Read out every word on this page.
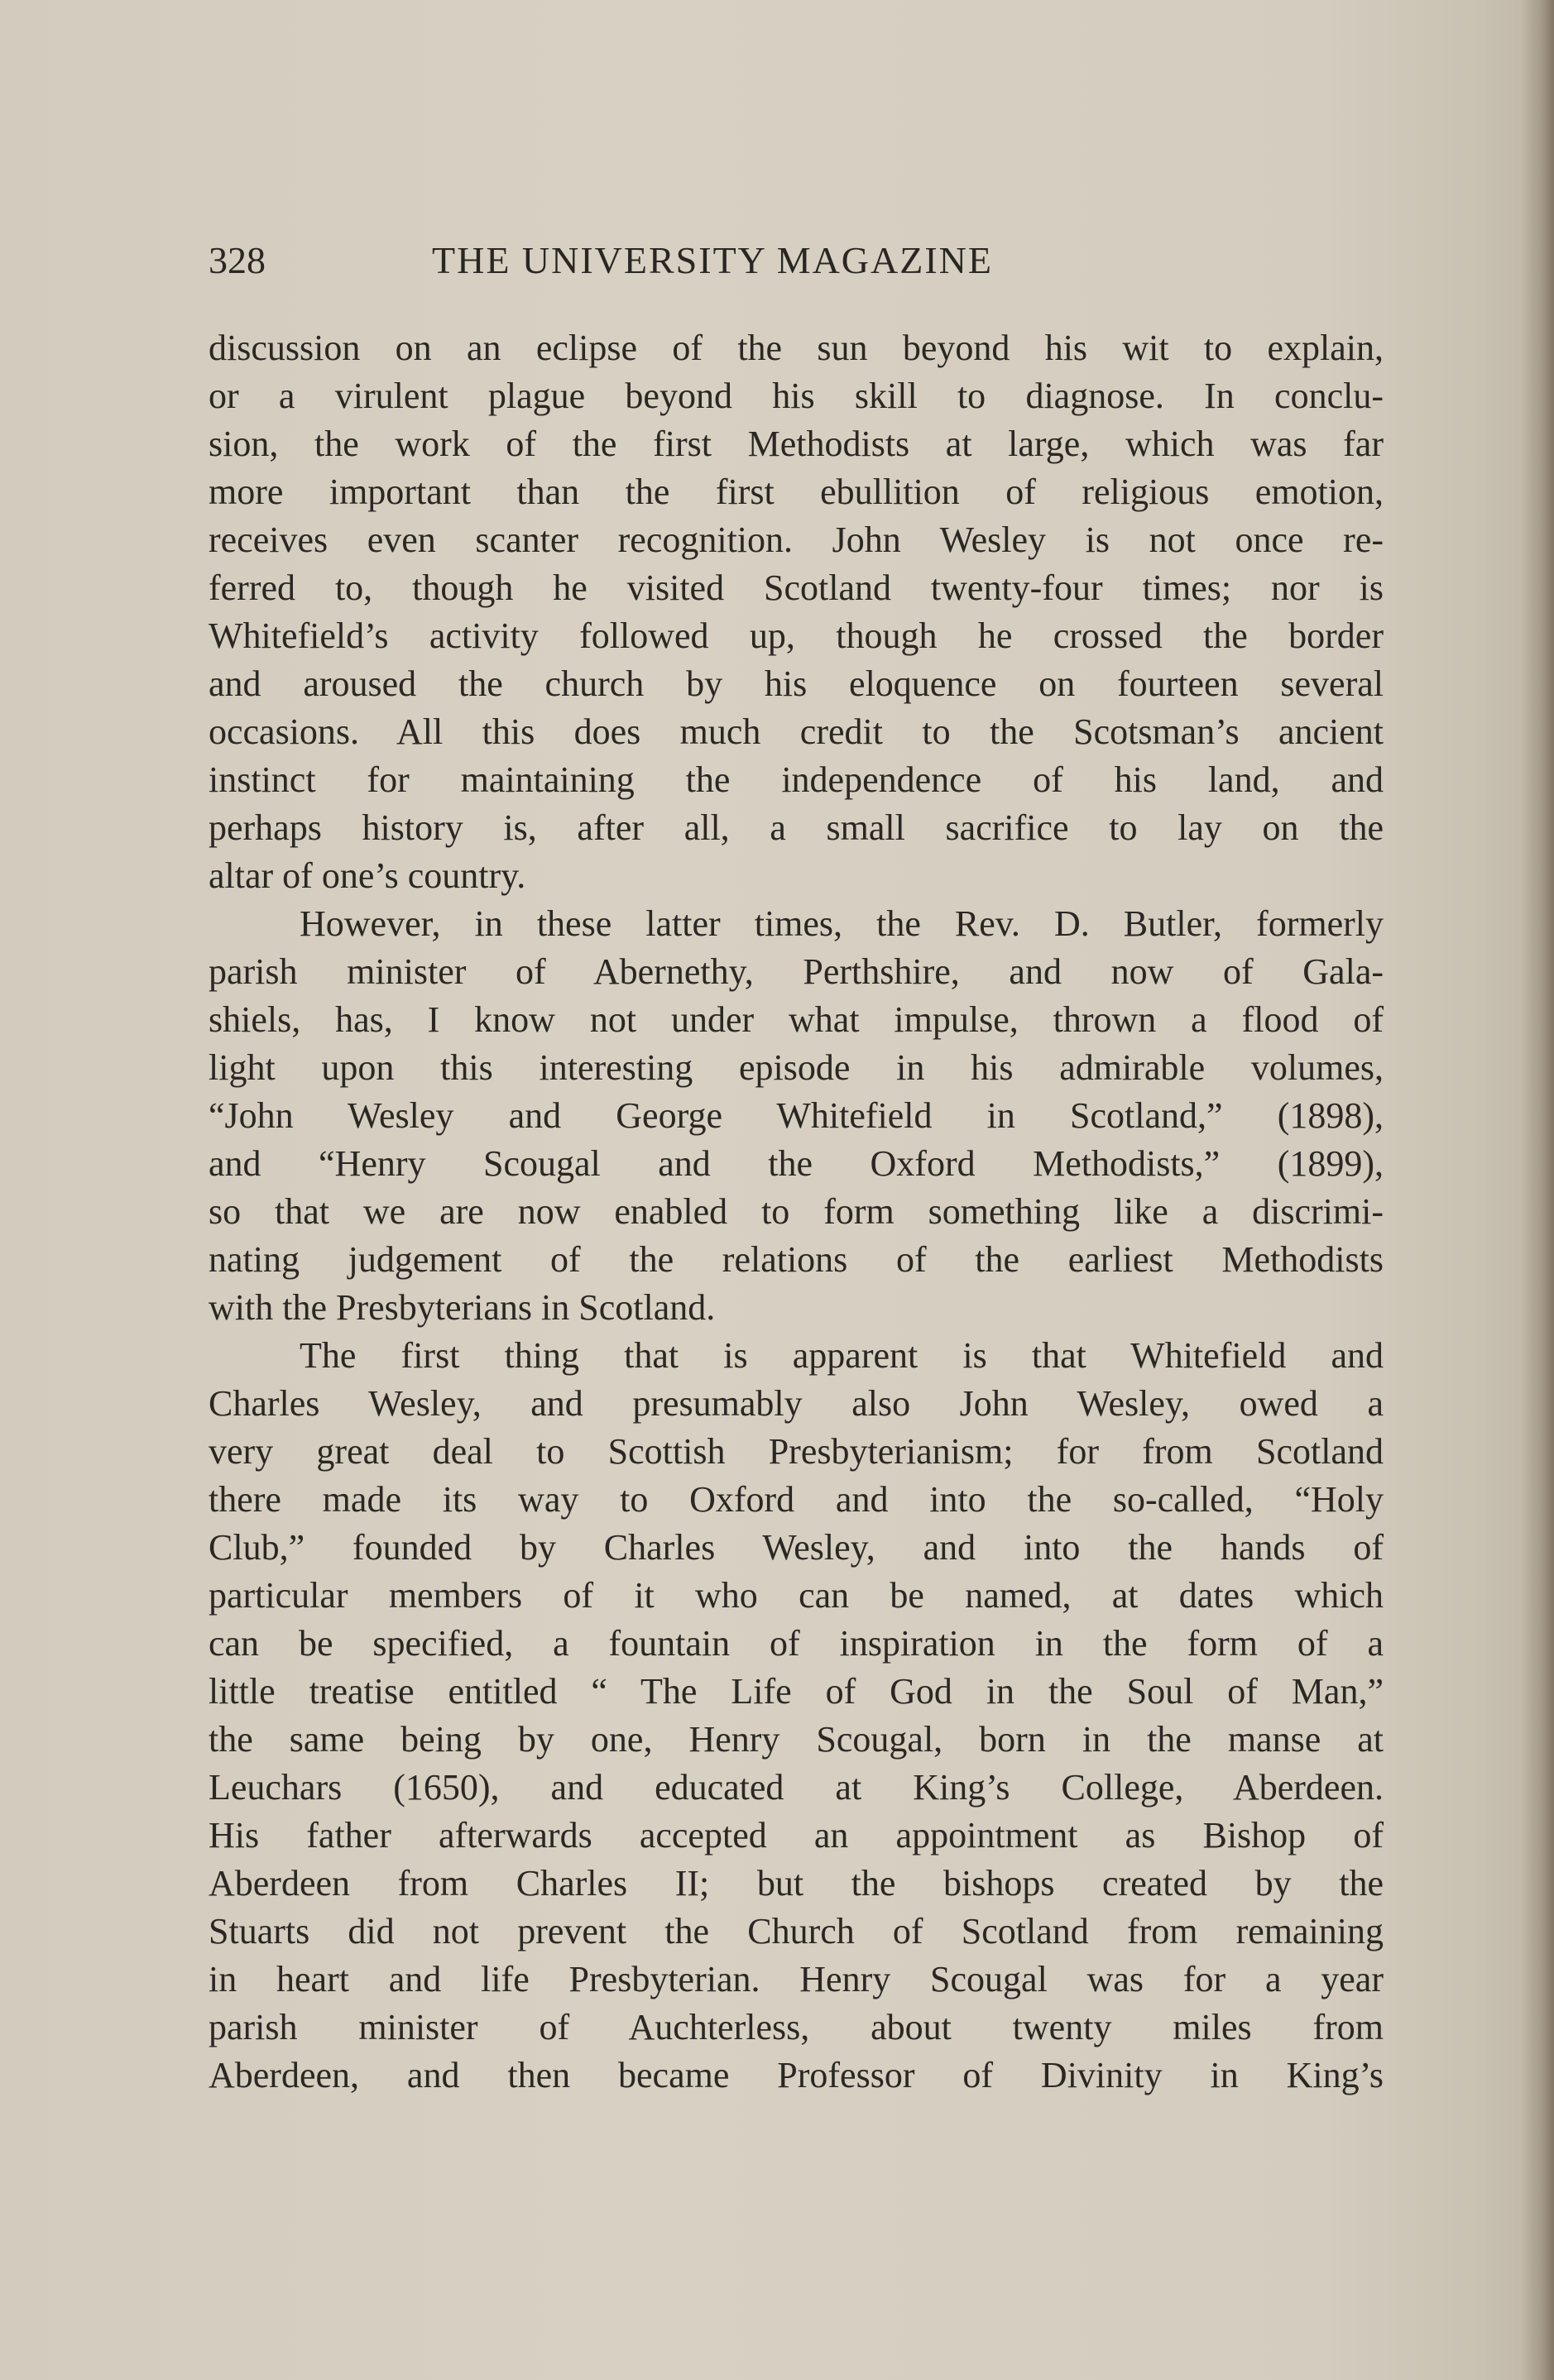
328	THE UNIVERSITY MAGAZINE
discussion on an eclipse of the sun beyond his wit to explain,
or a virulent plague beyond his skill to diagnose. In conclu-
sion, the work of the first Methodists at large, which was far
more important than the first ebullition of religious emotion,
receives even scanter recognition. John Wesley is not once re-
ferred to, though he visited Scotland twenty-four times; nor is
Whitefield’s activity followed up, though he crossed the border
and aroused the church by his eloquence on fourteen several
occasions. All this does much credit to the Scotsman’s ancient
instinct for maintaining the independence of his land, and
perhaps history is, after all, a small sacrifice to lay on the
altar of one’s country.
However, in these latter times, the Rev. D. Butler, formerly
parish minister of Abernethy, Perthshire, and now of Gala-
shiels, has, I know not under what impulse, thrown a flood of
light upon this interesting episode in his admirable volumes,
“John Wesley and George Whitefield in Scotland,” (1898),
and “Henry Scougal and the Oxford Methodists,” (1899),
so that we are now enabled to form something like a discrimi-
nating judgement of the relations of the earliest Methodists
with the Presbyterians in Scotland.
The first thing that is apparent is that Whitefield and
Charles Wesley, and presumably also John Wesley, owed a
very great deal to Scottish Presbyterianism; for from Scotland
there made its way to Oxford and into the so-called, “Holy
Club,” founded by Charles Wesley, and into the hands of
particular members of it who can be named, at dates which
can be specified, a fountain of inspiration in the form of a
little treatise entitled “ The Life of God in the Soul of Man,”
the same being by one, Henry Scougal, born in the manse at
Leuchars (1650), and educated at King’s College, Aberdeen.
His father afterwards accepted an appointment as Bishop of
Aberdeen from Charles II; but the bishops created by the
Stuarts did not prevent the Church of Scotland from remaining
in heart and life Presbyterian. Henry Scougal was for a year
parish minister of Auchterless, about twenty miles from
Aberdeen, and then became Professor of Divinity in King’s
